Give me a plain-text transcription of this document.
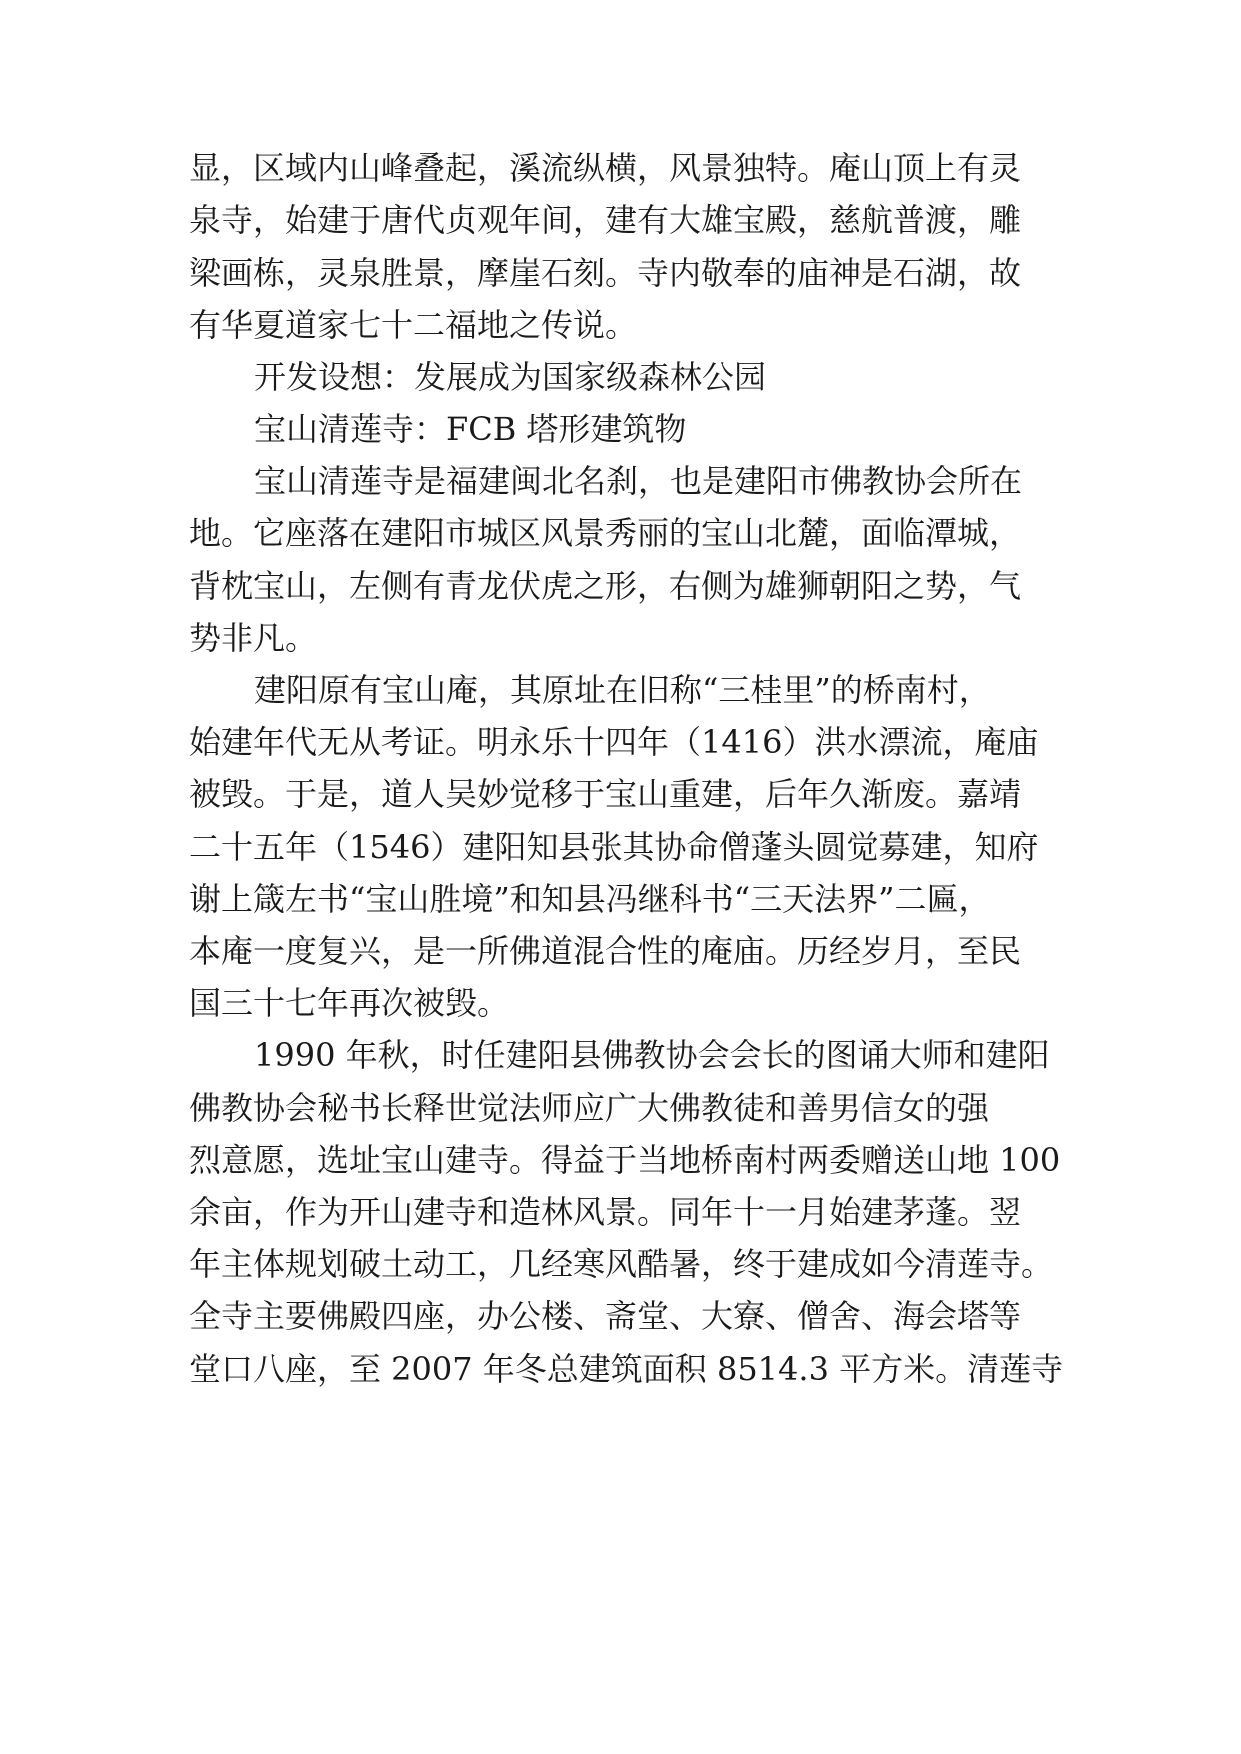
显，区域内山峰叠起，溪流纵横，风景独特。庵山顶上有灵
泉寺，始建于唐代贞观年间，建有大雄宝殿，慈航普渡，雕
梁画栋，灵泉胜景，摩崖石刻。寺内敬奉的庙神是石湖，故
有华夏道家七十二福地之传说。
开发设想：发展成为国家级森林公园
宝山清莲寺：FCB 塔形建筑物
宝山清莲寺是福建闽北名刹，也是建阳市佛教协会所在
地。它座落在建阳市城区风景秀丽的宝山北麓，面临潭城，
背枕宝山，左侧有青龙伏虎之形，右侧为雄狮朝阳之势，气
势非凡。
建阳原有宝山庵，其原址在旧称“三桂里”的桥南村，
始建年代无从考证。明永乐十四年（1416）洪水漂流，庵庙
被毁。于是，道人吴妙觉移于宝山重建，后年久渐废。嘉靖
二十五年（1546）建阳知县张其协命僧蓬头圆觉募建，知府
谢上箴左书“宝山胜境”和知县冯继科书“三天法界”二匾，
本庵一度复兴，是一所佛道混合性的庵庙。历经岁月，至民
国三十七年再次被毁。
1990 年秋，时任建阳县佛教协会会长的图诵大师和建阳
佛教协会秘书长释世觉法师应广大佛教徒和善男信女的强
烈意愿，选址宝山建寺。得益于当地桥南村两委赠送山地 100
余亩，作为开山建寺和造林风景。同年十一月始建茅蓬。翌
年主体规划破土动工，几经寒风酷暑，终于建成如今清莲寺。
全寺主要佛殿四座，办公楼、斋堂、大寮、僧舍、海会塔等
堂口八座，至 2007 年冬总建筑面积 8514.3 平方米。清莲寺
